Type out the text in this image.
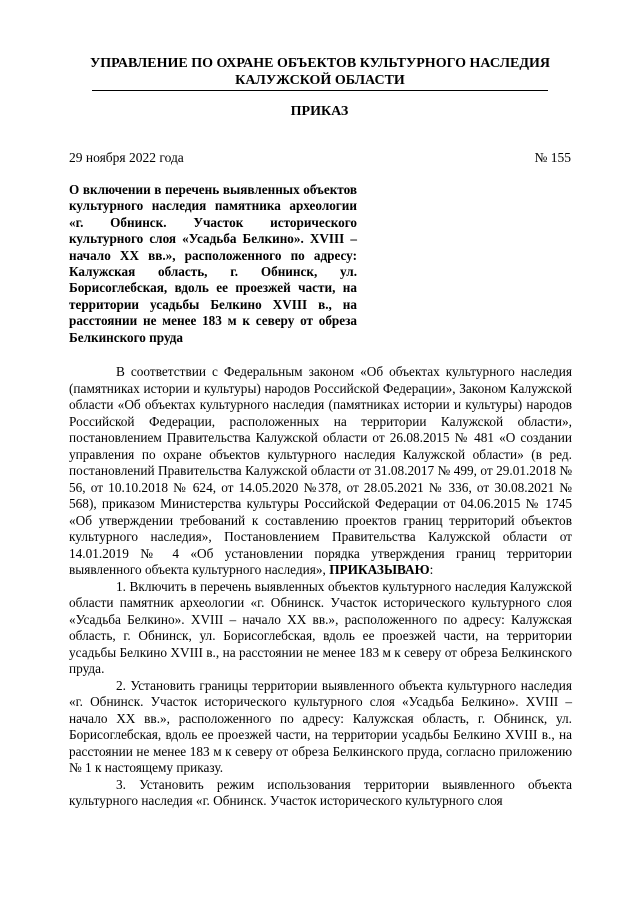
УПРАВЛЕНИЕ ПО ОХРАНЕ ОБЪЕКТОВ КУЛЬТУРНОГО НАСЛЕДИЯ

КАЛУЖСКОЙ ОБЛАСТИ
ПРИКАЗ
29 ноября 2022 года	№ 155
О включении в перечень выявленных объектов культурного наследия памятника археологии «г. Обнинск. Участок исторического культурного слоя «Усадьба Белкино». XVIII – начало XX вв.», расположенного по адресу: Калужская область, г. Обнинск, ул. Борисоглебская, вдоль ее проезжей части, на территории усадьбы Белкино XVIII в., на расстоянии не менее 183 м к северу от обреза Белкинского пруда

В соответствии с Федеральным законом «Об объектах культурного наследия (памятниках истории и культуры) народов Российской Федерации», Законом Калужской области «Об объектах культурного наследия (памятниках истории и культуры) народов Российской Федерации, расположенных на территории Калужской области», постановлением Правительства Калужской области от 26.08.2015 № 481 «О создании управления по охране объектов культурного наследия Калужской области» (в ред. постановлений Правительства Калужской области от 31.08.2017 № 499, от 29.01.2018 № 56, от 10.10.2018 № 624, от 14.05.2020 №378, от 28.05.2021 № 336, от 30.08.2021 № 568), приказом Министерства культуры Российской Федерации от 04.06.2015 № 1745 «Об утверждении требований к составлению проектов границ территорий объектов культурного наследия», Постановлением Правительства Калужской области от 14.01.2019 № 4 «Об установлении порядка утверждения границ территории выявленного объекта культурного наследия», ПРИКАЗЫВАЮ:

1. Включить в перечень выявленных объектов культурного наследия Калужской области памятник археологии «г. Обнинск. Участок исторического культурного слоя «Усадьба Белкино». XVIII – начало XX вв.», расположенного по адресу: Калужская область, г. Обнинск, ул. Борисоглебская, вдоль ее проезжей части, на территории усадьбы Белкино XVIII в., на расстоянии не менее 183 м к северу от обреза Белкинского пруда.

2. Установить границы территории выявленного объекта культурного наследия «г. Обнинск. Участок исторического культурного слоя «Усадьба Белкино». XVIII – начало XX вв.», расположенного по адресу: Калужская область, г. Обнинск, ул. Борисоглебская, вдоль ее проезжей части, на территории усадьбы Белкино XVIII в., на расстоянии не менее 183 м к северу от обреза Белкинского пруда, согласно приложению № 1 к настоящему приказу.

3. Установить режим использования территории выявленного объекта культурного наследия «г. Обнинск. Участок исторического культурного слоя
